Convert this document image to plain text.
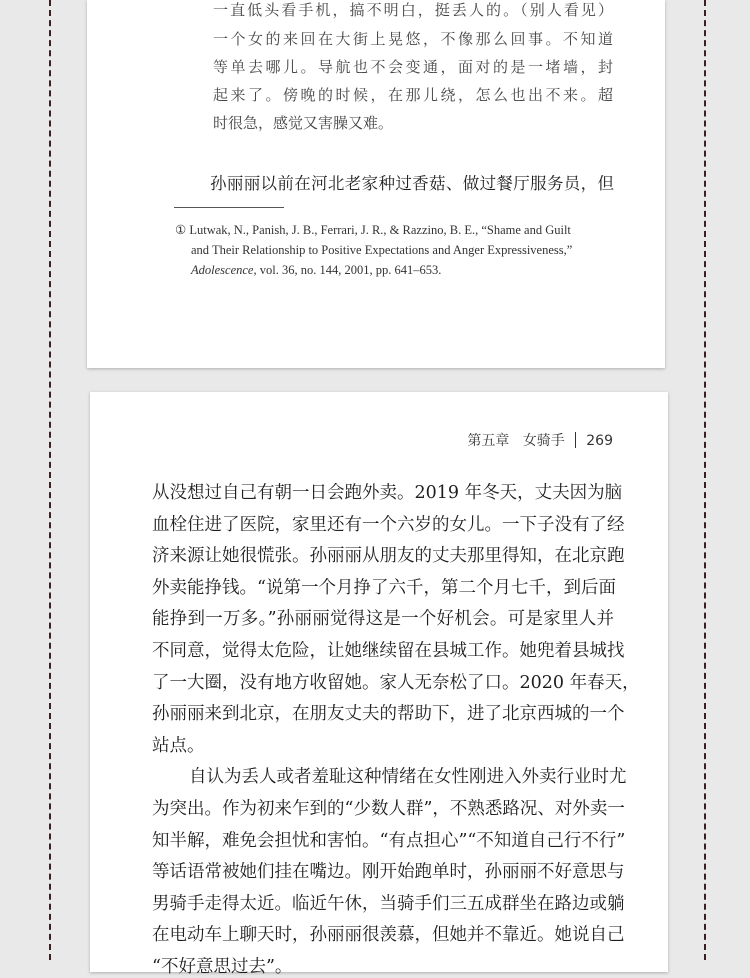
一直低头看手机，搞不明白，挺丢人的。（别人看见）
一个女的来回在大街上晃悠，不像那么回事。不知道
等单去哪儿。导航也不会变通，面对的是一堵墙，封
起来了。傍晚的时候，在那儿绕，怎么也出不来。超
时很急，感觉又害臊又难。
孙丽丽以前在河北老家种过香菇、做过餐厅服务员，但
① Lutwak, N., Panish, J. B., Ferrari, J. R., & Razzino, B. E., “Shame and Guilt
and Their Relationship to Positive Expectations and Anger Expressiveness,”
Adolescence, vol. 36, no. 144, 2001, pp. 641–653.
第五章 女骑手 269
从没想过自己有朝一日会跑外卖。2019 年冬天，丈夫因为脑
血栓住进了医院，家里还有一个六岁的女儿。一下子没有了经
济来源让她很慌张。孙丽丽从朋友的丈夫那里得知，在北京跑
外卖能挣钱。“说第一个月挣了六千，第二个月七千，到后面
能挣到一万多。”孙丽丽觉得这是一个好机会。可是家里人并
不同意，觉得太危险，让她继续留在县城工作。她兜着县城找
了一大圈，没有地方收留她。家人无奈松了口。2020 年春天，
孙丽丽来到北京，在朋友丈夫的帮助下，进了北京西城的一个
站点。
自认为丢人或者羞耻这种情绪在女性刚进入外卖行业时尤
为突出。作为初来乍到的“少数人群”，不熟悉路况、对外卖一
知半解，难免会担忧和害怕。“有点担心”“不知道自己行不行”
等话语常被她们挂在嘴边。刚开始跑单时，孙丽丽不好意思与
男骑手走得太近。临近午休，当骑手们三五成群坐在路边或躺
在电动车上聊天时，孙丽丽很羡慕，但她并不靠近。她说自己
“不好意思过去”。
